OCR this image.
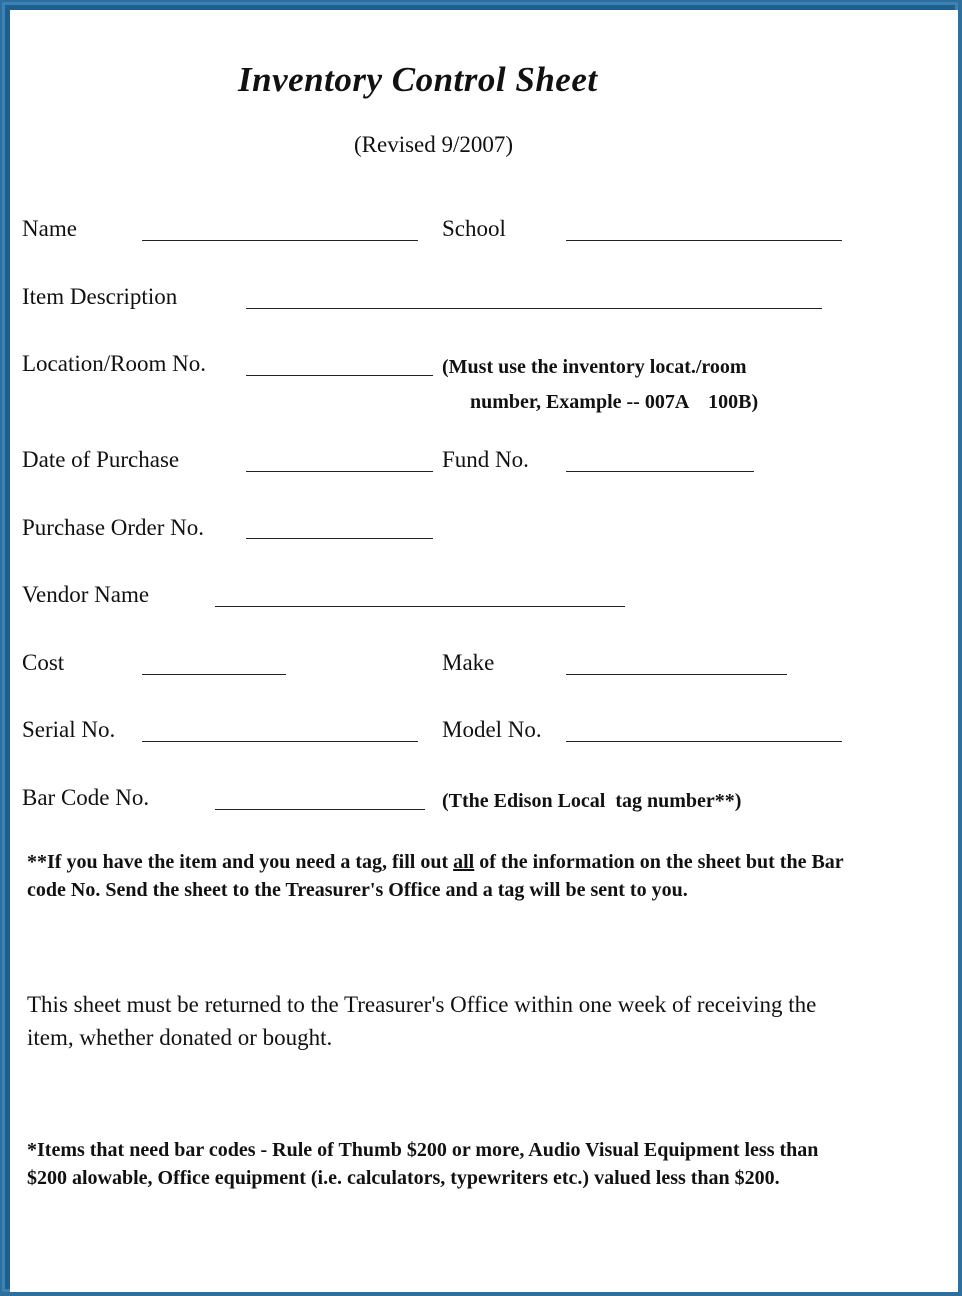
Inventory Control Sheet
(Revised 9/2007)
Name	School
Item Description
Location/Room No.	(Must use the inventory locat./room
number, Example -- 007A    100B)
Date of Purchase	Fund No.
Purchase Order No.
Vendor Name
Cost	Make
Serial No.	Model No.
Bar Code No.	(Tthe Edison Local  tag number**)
**If you have the item and you need a tag, fill out all of the information on the sheet but the Bar code No. Send the sheet to the Treasurer's Office and a tag will be sent to you.
This sheet must be returned to the Treasurer's Office within one week of receiving the item, whether donated or bought.
*Items that need bar codes - Rule of Thumb $200 or more, Audio Visual Equipment less than $200 alowable, Office equipment (i.e. calculators, typewriters etc.) valued less than $200.
